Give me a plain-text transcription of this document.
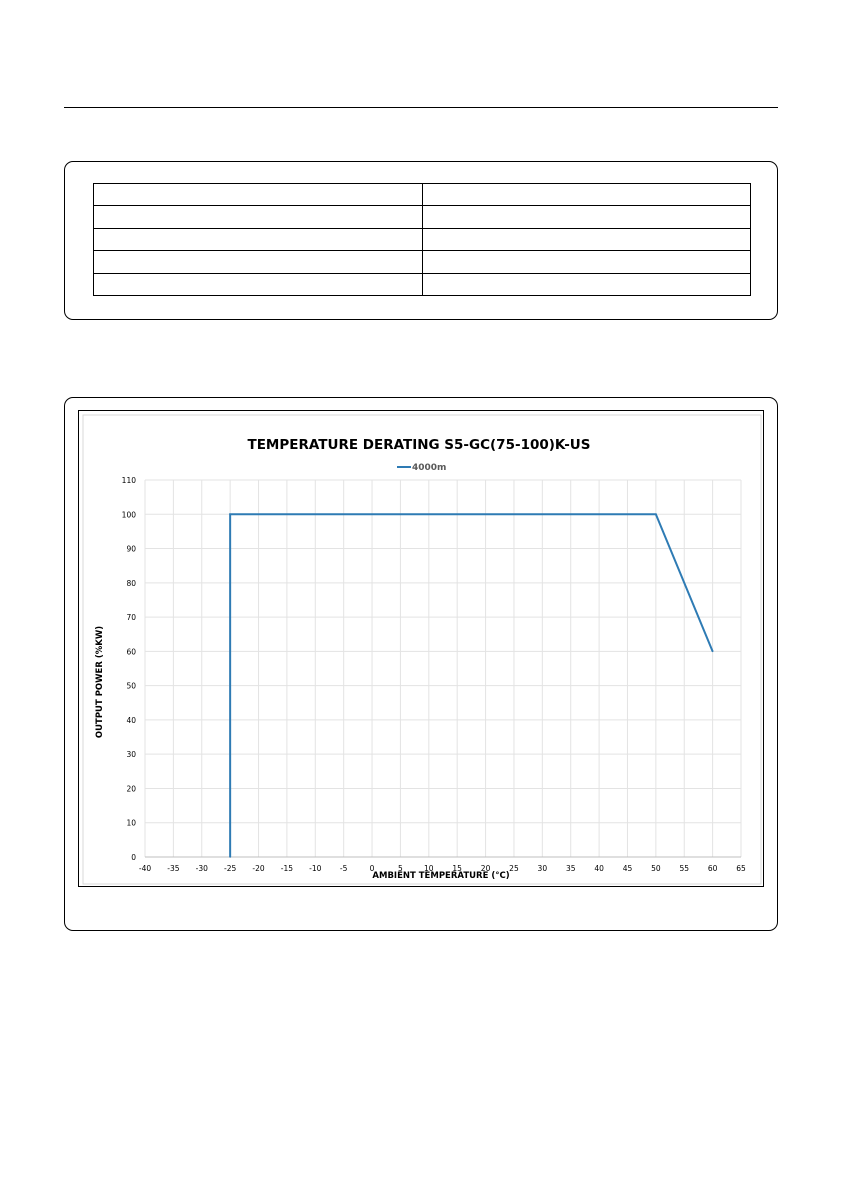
TEMPERATURE DERATING S5-GC(75-100)K-US
4000m
0
10
20
30
40
50
60
70
80
90
100
110
-40 -35 -30 -25 -20 -15 -10 -5	0	5	10	15	20	25	30	35	40	45	50	55	60	65
AMBIENT TEMPERATURE (°C)
OUTPUT POWER (%KW)
